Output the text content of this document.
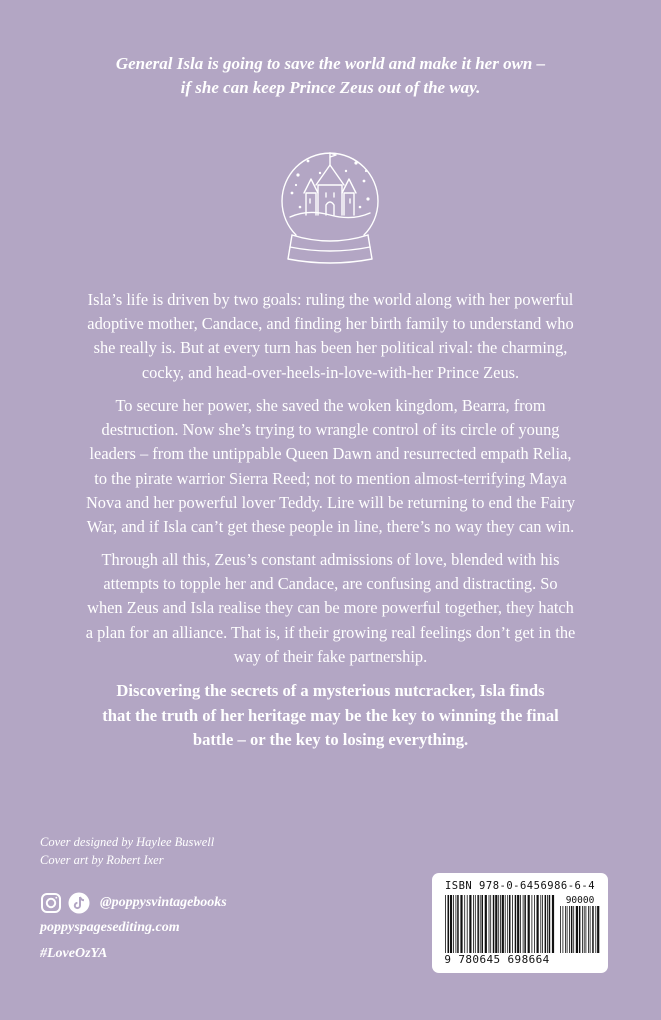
General Isla is going to save the world and make it her own –
if she can keep Prince Zeus out of the way.
Isla’s life is driven by two goals: ruling the world along with her powerful
adoptive mother, Candace, and finding her birth family to understand who
she really is. But at every turn has been her political rival: the charming,
cocky, and head-over-heels-in-love-with-her Prince Zeus.
To secure her power, she saved the woken kingdom, Bearra, from
destruction. Now she’s trying to wrangle control of its circle of young
leaders – from the untippable Queen Dawn and resurrected empath Relia,
to the pirate warrior Sierra Reed; not to mention almost-terrifying Maya
Nova and her powerful lover Teddy. Lire will be returning to end the Fairy
War, and if Isla can’t get these people in line, there’s no way they can win.
Through all this, Zeus’s constant admissions of love, blended with his
attempts to topple her and Candace, are confusing and distracting. So
when Zeus and Isla realise they can be more powerful together, they hatch
a plan for an alliance. That is, if their growing real feelings don’t get in the
way of their fake partnership.
Discovering the secrets of a mysterious nutcracker, Isla finds
that the truth of her heritage may be the key to winning the final
battle – or the key to losing everything.
Cover designed by Haylee Buswell
Cover art by Robert Ixer
@poppysvintagebooks
poppyspagesediting.com
#LoveOzYA
ISBN 978-0-6456986-6-4
90000
9 780645 698664
